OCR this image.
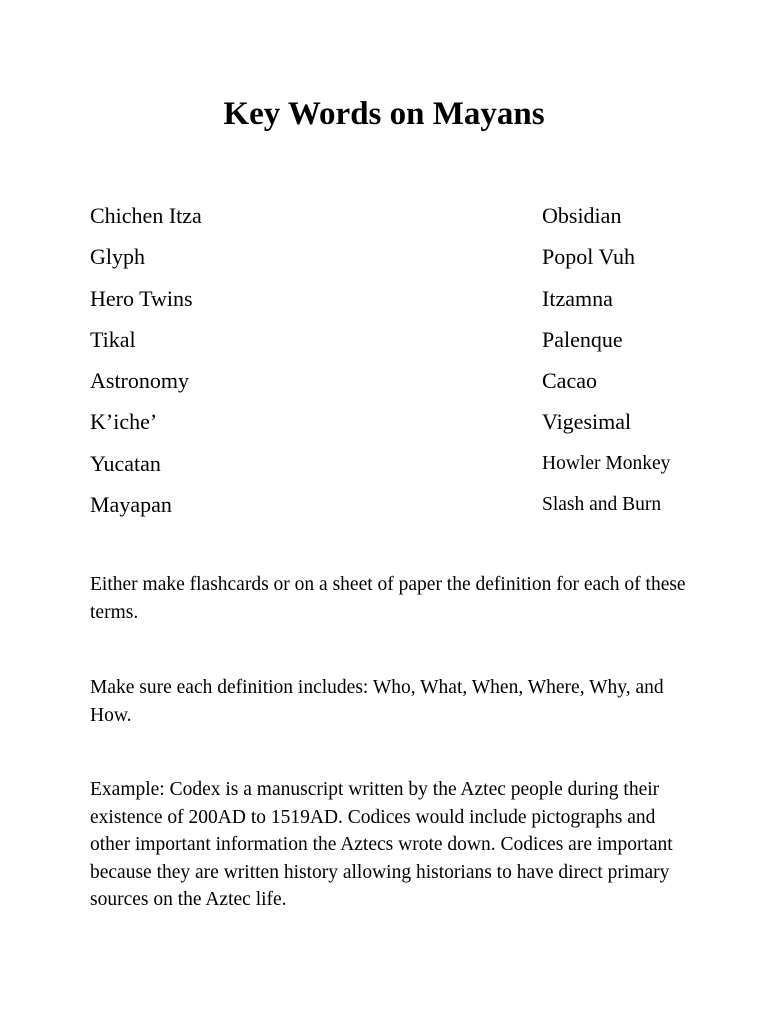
Key Words on Mayans
Chichen Itza
Glyph
Hero Twins
Tikal
Astronomy
K’iche’
Yucatan
Mayapan
Obsidian
Popol Vuh
Itzamna
Palenque
Cacao
Vigesimal
Howler Monkey
Slash and Burn

Either make flashcards or on a sheet of paper the definition for each of these terms.

Make sure each definition includes: Who, What, When, Where, Why, and How.

Example: Codex is a manuscript written by the Aztec people during their existence of 200AD to 1519AD. Codices would include pictographs and other important information the Aztecs wrote down. Codices are important because they are written history allowing historians to have direct primary sources on the Aztec life.
